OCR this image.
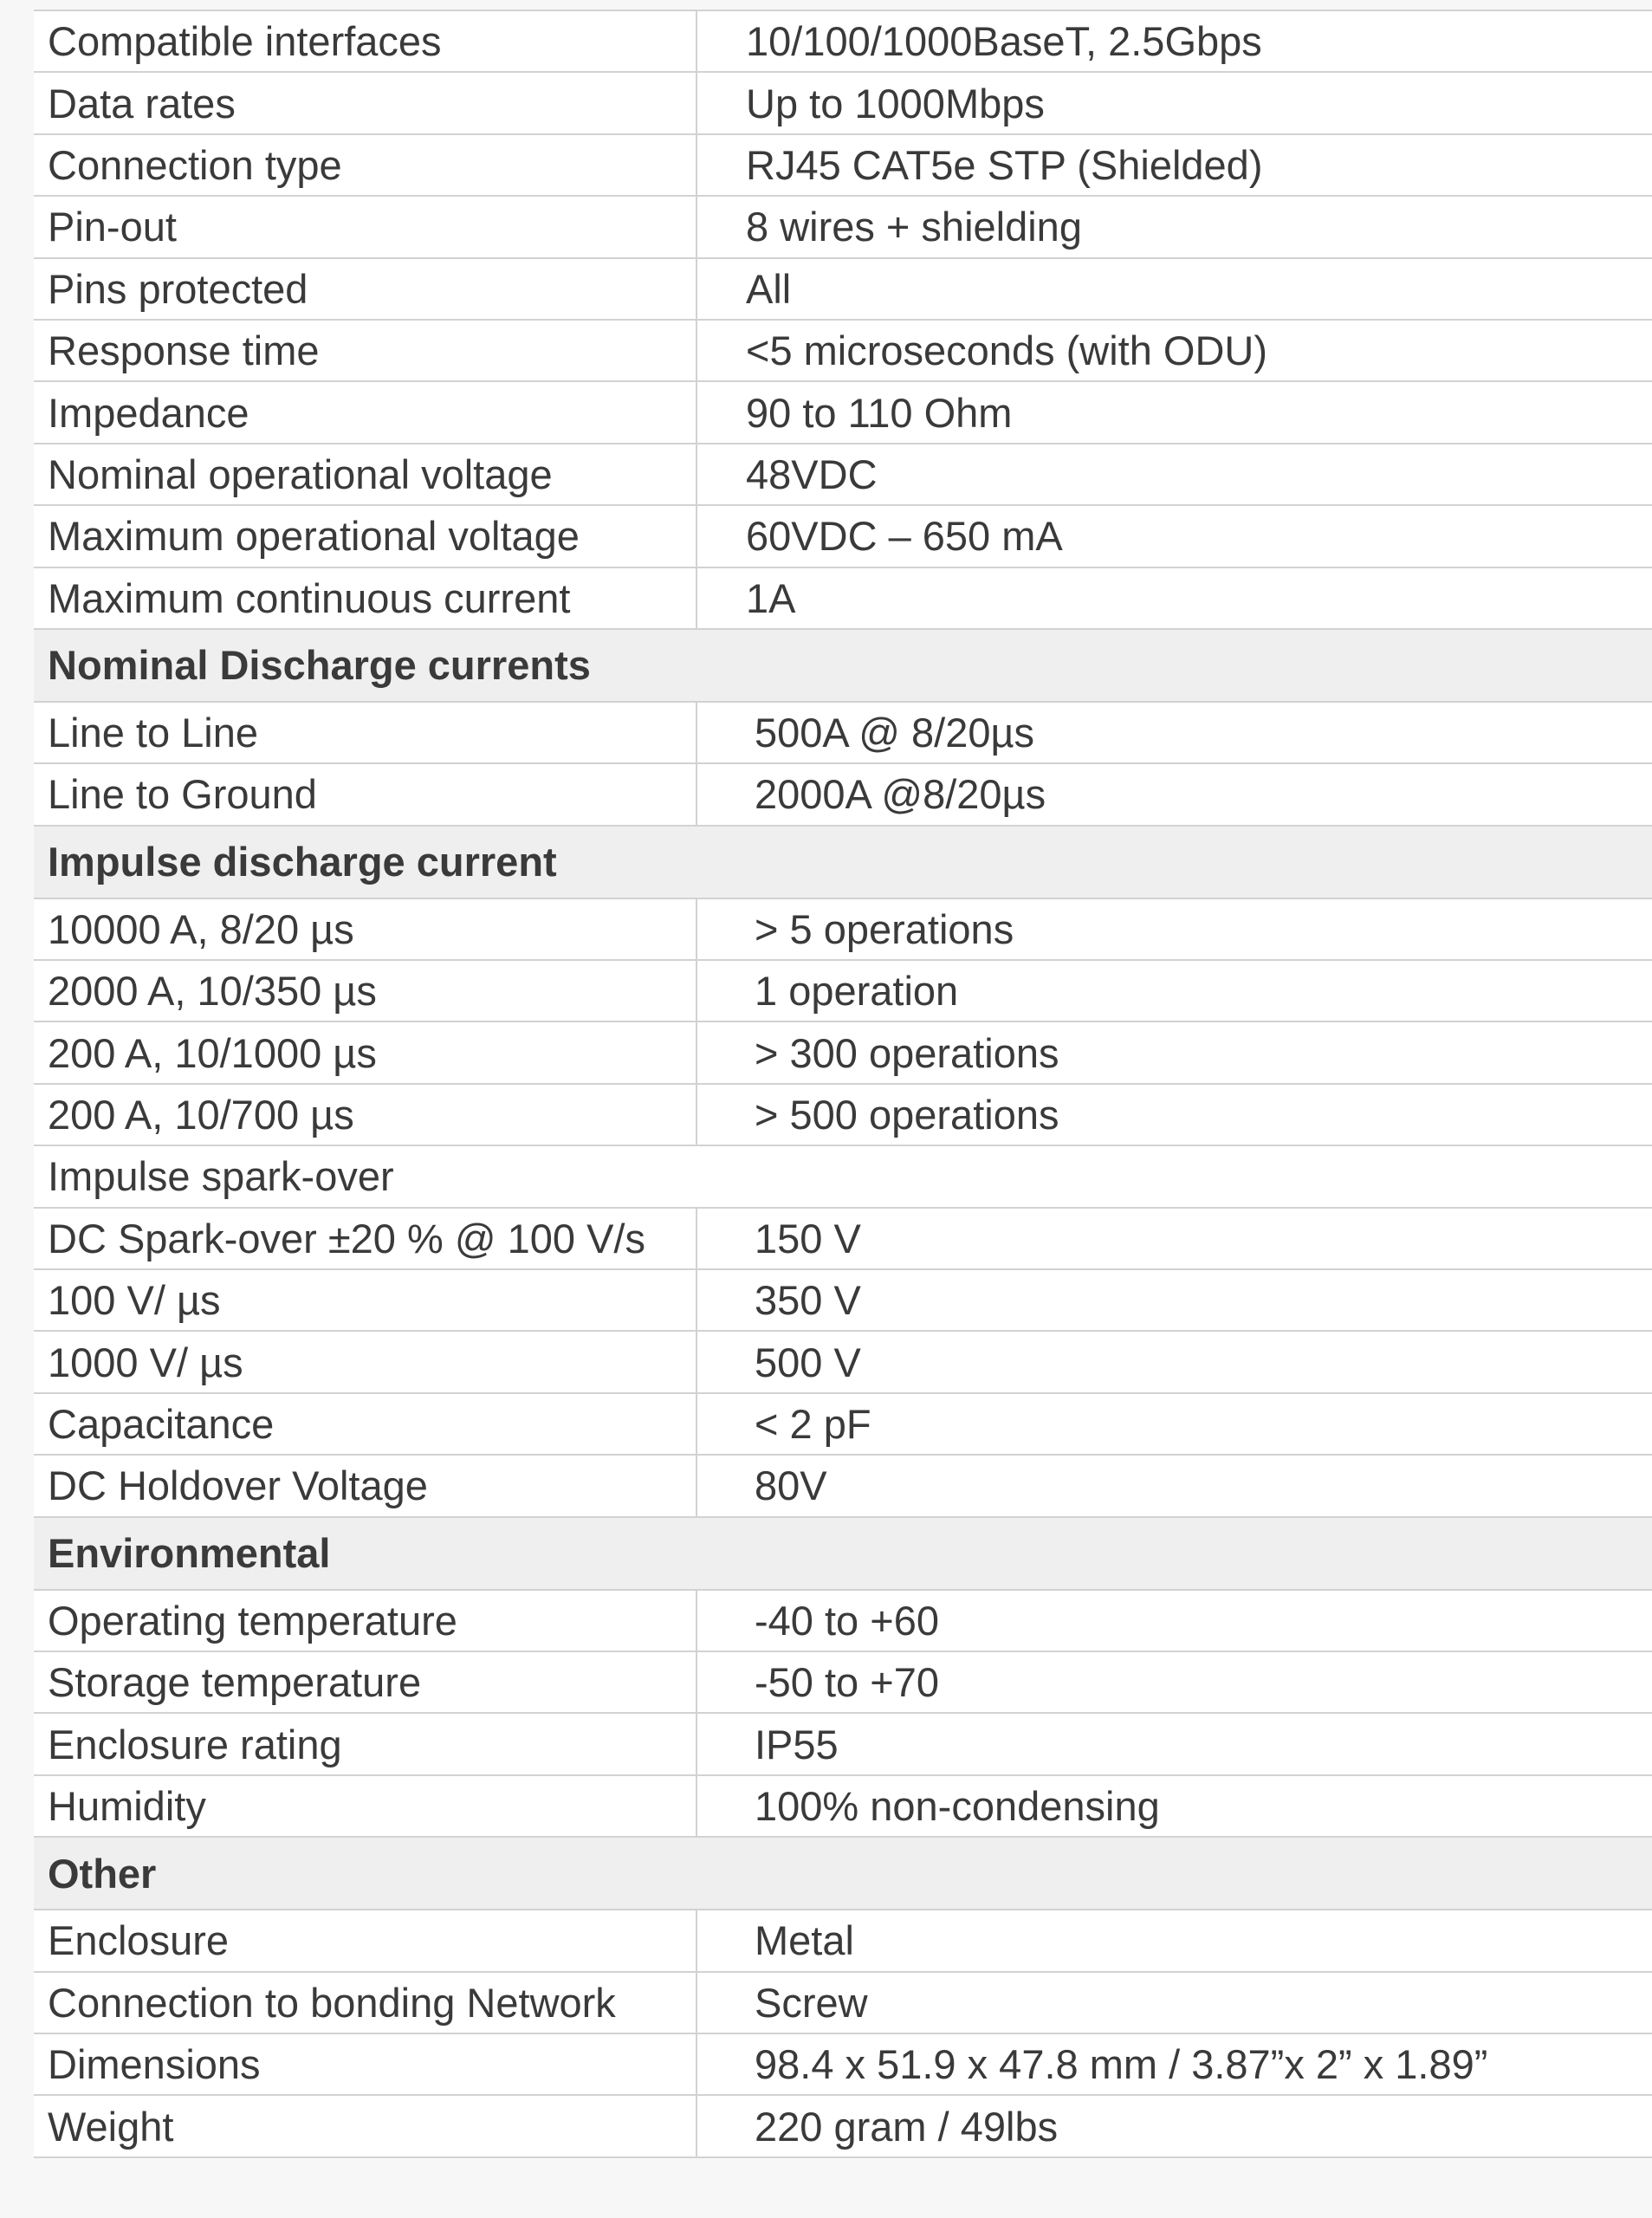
Compatible interfaces	10/100/1000BaseT, 2.5Gbps
Data rates	Up to 1000Mbps
Connection type	RJ45 CAT5e STP (Shielded)
Pin-out	8 wires + shielding
Pins protected	All
Response time	<5 microseconds (with ODU)
Impedance	90 to 110 Ohm
Nominal operational voltage	48VDC
Maximum operational voltage	60VDC – 650 mA
Maximum continuous current	1A
Nominal Discharge currents
Line to Line	500A @ 8/20µs
Line to Ground	2000A @8/20µs
Impulse discharge current
10000 A, 8/20 µs	> 5 operations
2000 A, 10/350 µs	1 operation
200 A, 10/1000 µs	> 300 operations
200 A, 10/700 µs	> 500 operations
Impulse spark-over
DC Spark-over ±20 % @ 100 V/s	150 V
100 V/ µs	350 V
1000 V/ µs	500 V
Capacitance	< 2 pF
DC Holdover Voltage	80V
Environmental
Operating temperature	-40 to +60
Storage temperature	-50 to +70
Enclosure rating	IP55
Humidity	100% non-condensing
Other
Enclosure	Metal
Connection to bonding Network	Screw
Dimensions	98.4 x 51.9 x 47.8 mm / 3.87”x 2” x 1.89”
Weight	220 gram / 49lbs
